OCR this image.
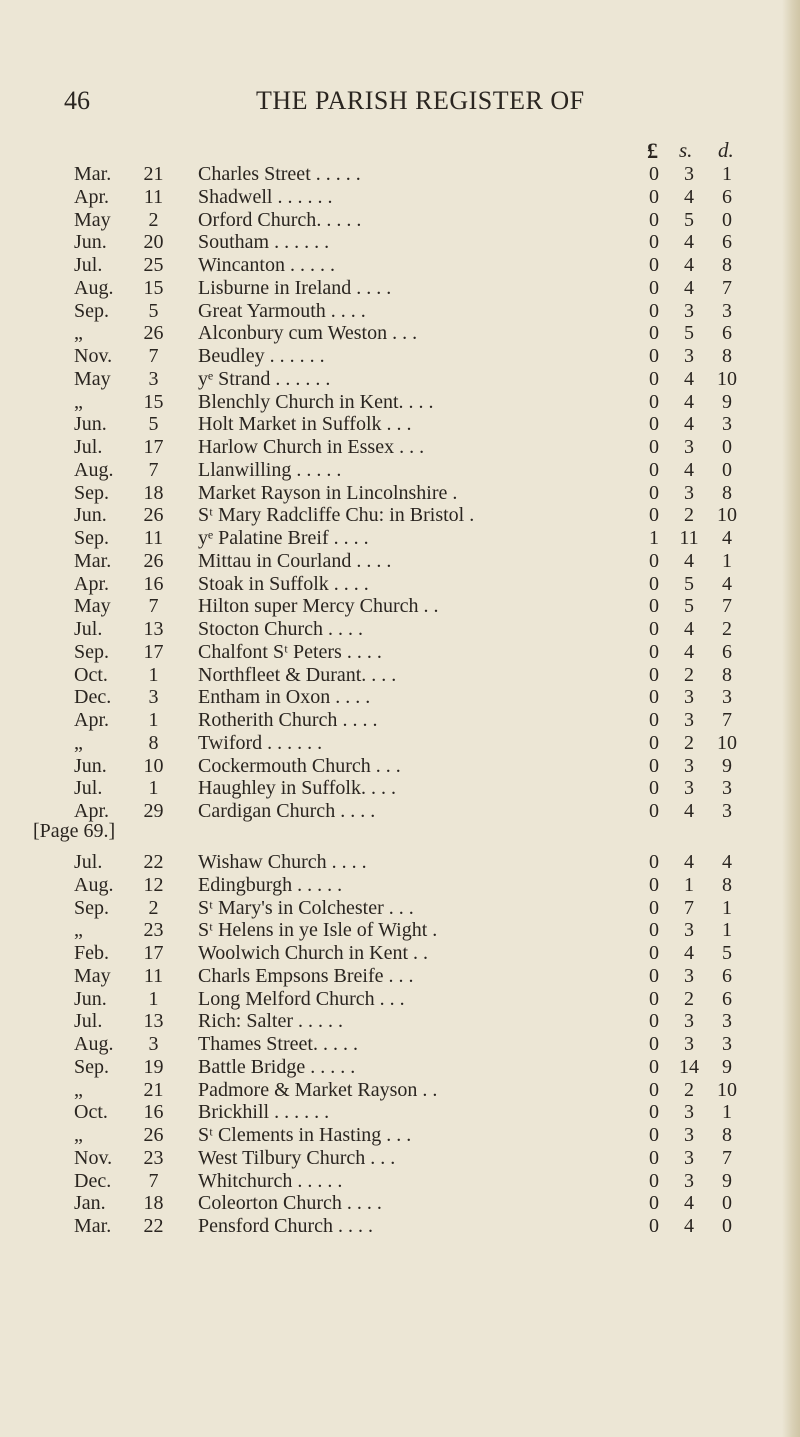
46	THE PARISH REGISTER OF
£ s. d.
Mar.	21	Charles Street . . . . .	0	3	1
Apr.	11	Shadwell . . . . . .	0	4	6
May	2	Orford Church. . . . .	0	5	0
Jun.	20	Southam . . . . . .	0	4	6
Jul.	25	Wincanton . . . . .	0	4	8
Aug.	15	Lisburne in Ireland . . . .	0	4	7
Sep.	5	Great Yarmouth . . . .	0	3	3
„	26	Alconbury cum Weston . . .	0	5	6
Nov.	7	Beudley . . . . . .	0	3	8
May	3	yᵉ Strand . . . . . .	0	4	10
„	15	Blenchly Church in Kent. . . .	0	4	9
Jun.	5	Holt Market in Suffolk . . .	0	4	3
Jul.	17	Harlow Church in Essex . . .	0	3	0
Aug.	7	Llanwilling . . . . .	0	4	0
Sep.	18	Market Rayson in Lincolnshire .	0	3	8
Jun.	26	Sᵗ Mary Radcliffe Chu: in Bristol .	0	2	10
Sep.	11	yᵉ Palatine Breif . . . .	1	11	4
Mar.	26	Mittau in Courland . . . .	0	4	1
Apr.	16	Stoak in Suffolk . . . .	0	5	4
May	7	Hilton super Mercy Church . .	0	5	7
Jul.	13	Stocton Church . . . .	0	4	2
Sep.	17	Chalfont Sᵗ Peters . . . .	0	4	6
Oct.	1	Northfleet & Durant. . . .	0	2	8
Dec.	3	Entham in Oxon . . . .	0	3	3
Apr.	1	Rotherith Church . . . .	0	3	7
„	8	Twiford . . . . . .	0	2	10
Jun.	10	Cockermouth Church . . .	0	3	9
Jul.	1	Haughley in Suffolk. . . .	0	3	3
Apr.	29	Cardigan Church . . . .	0	4	3
[Page 69.]
Jul.	22	Wishaw Church . . . .	0	4	4
Aug.	12	Edingburgh . . . . .	0	1	8
Sep.	2	Sᵗ Mary's in Colchester . . .	0	7	1
„	23	Sᵗ Helens in ye Isle of Wight .	0	3	1
Feb.	17	Woolwich Church in Kent . .	0	4	5
May	11	Charls Empsons Breife . . .	0	3	6
Jun.	1	Long Melford Church . . .	0	2	6
Jul.	13	Rich: Salter . . . . .	0	3	3
Aug.	3	Thames Street. . . . .	0	3	3
Sep.	19	Battle Bridge . . . . .	0	14	9
„	21	Padmore & Market Rayson . .	0	2	10
Oct.	16	Brickhill . . . . . .	0	3	1
„	26	Sᵗ Clements in Hasting . . .	0	3	8
Nov.	23	West Tilbury Church . . .	0	3	7
Dec.	7	Whitchurch . . . . .	0	3	9
Jan.	18	Coleorton Church . . . .	0	4	0
Mar.	22	Pensford Church . . . .	0	4	0
